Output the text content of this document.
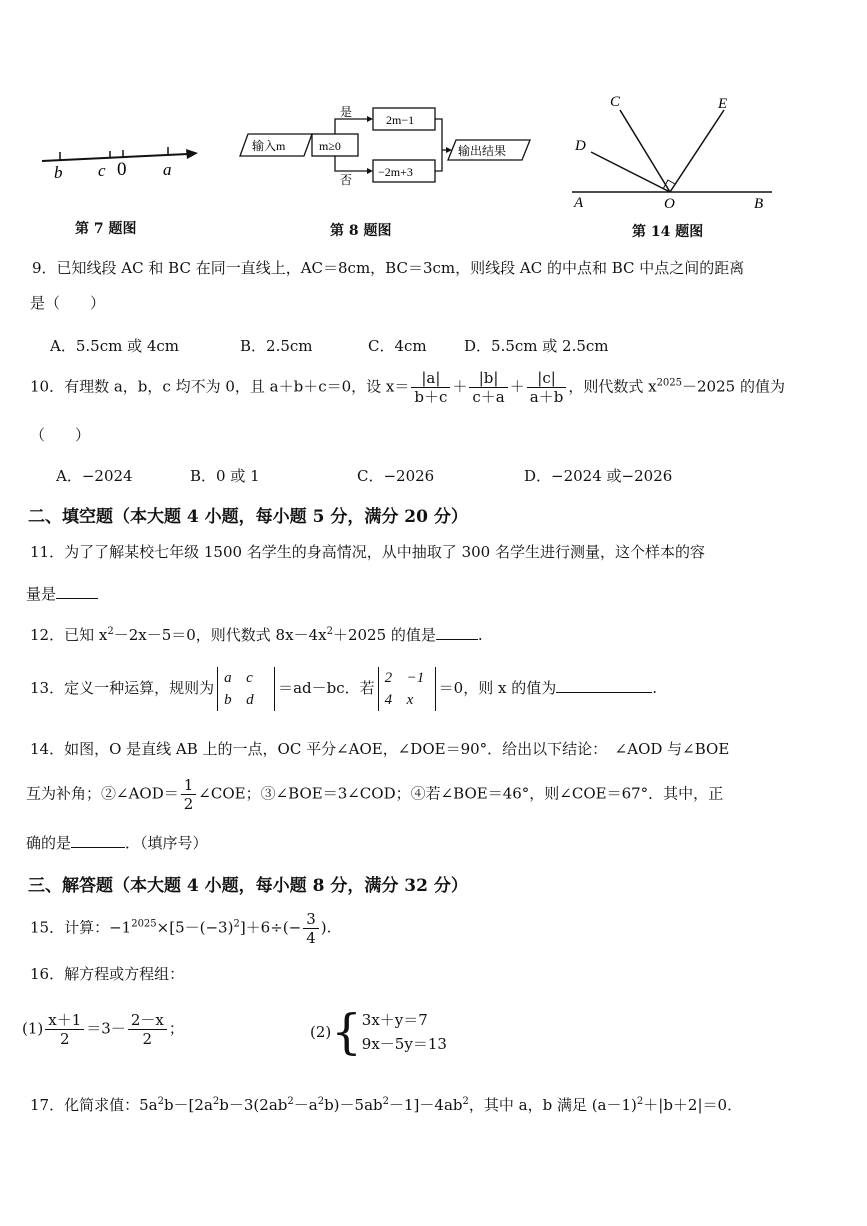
b c 0 a
第 7 题图
输入m	m≥0
是
否
2m−1
−2m+3
输出结果
第 8 题图
A	O	B
C
D
E
第 14 题图
9．已知线段 AC 和 BC 在同一直线上，AC＝8cm，BC＝3cm，则线段 AC 的中点和 BC 中点之间的距离
是（　　）
A．5.5cm 或 4cm	B．2.5cm	C．4cm D．5.5cm 或 2.5cm
10．有理数 a，b，c 均不为 0，且 a＋b＋c＝0，设 $x= \frac{|a|}{b+c} + \frac{|b|}{c+a} + \frac{|c|}{a+b}$ ，则代数式 $x^{2025}-2025$ 的值为
（　　）
A．−2024	B．0 或 1	C．−2026	D．−2024 或−2026
二、填空题（本大题 4 小题，每小题 5 分，满分 20 分）
11．为了了解某校七年级 1500 名学生的身高情况，从中抽取了 300 名学生进行测量，这个样本的容
量是
12．已知 $x^2-2x-5=0$，则代数式 $8x-4x^2+2025$ 的值是	.
13．定义一种运算，规则为a c
b d＝ad－bc．若2 −1
4 x＝0，则 x 的值为	.
14．如图，O 是直线 AB 上的一点，OC 平分∠AOE，∠DOE＝90°．给出以下结论：　∠AOD 与∠BOE
互为补角；②∠AOD＝ $\frac{1}{2}$ ∠COE；③∠BOE＝3∠COD；④若∠BOE＝46°，则∠COE＝67°．其中，正
确的是	．（填序号）
三、解答题（本大题 4 小题，每小题 8 分，满分 32 分）
15．计算：$-1^{2025}\times[5-(-3)^2]+6\div(- \frac{3}{4}$ ).
16．解方程或方程组：
$(1) \frac{x+1}{2} =3- \frac{2-x}{2}$ ；	(2){3x＋y＝7
9x－5y＝13
17．化简求值：$5a^2b-[2a^2b-3(2ab^2-a^2b)-5ab^2-1]-4ab^2$，其中 a，b 满足 $(a-1)^2+|b+2|=0$．
